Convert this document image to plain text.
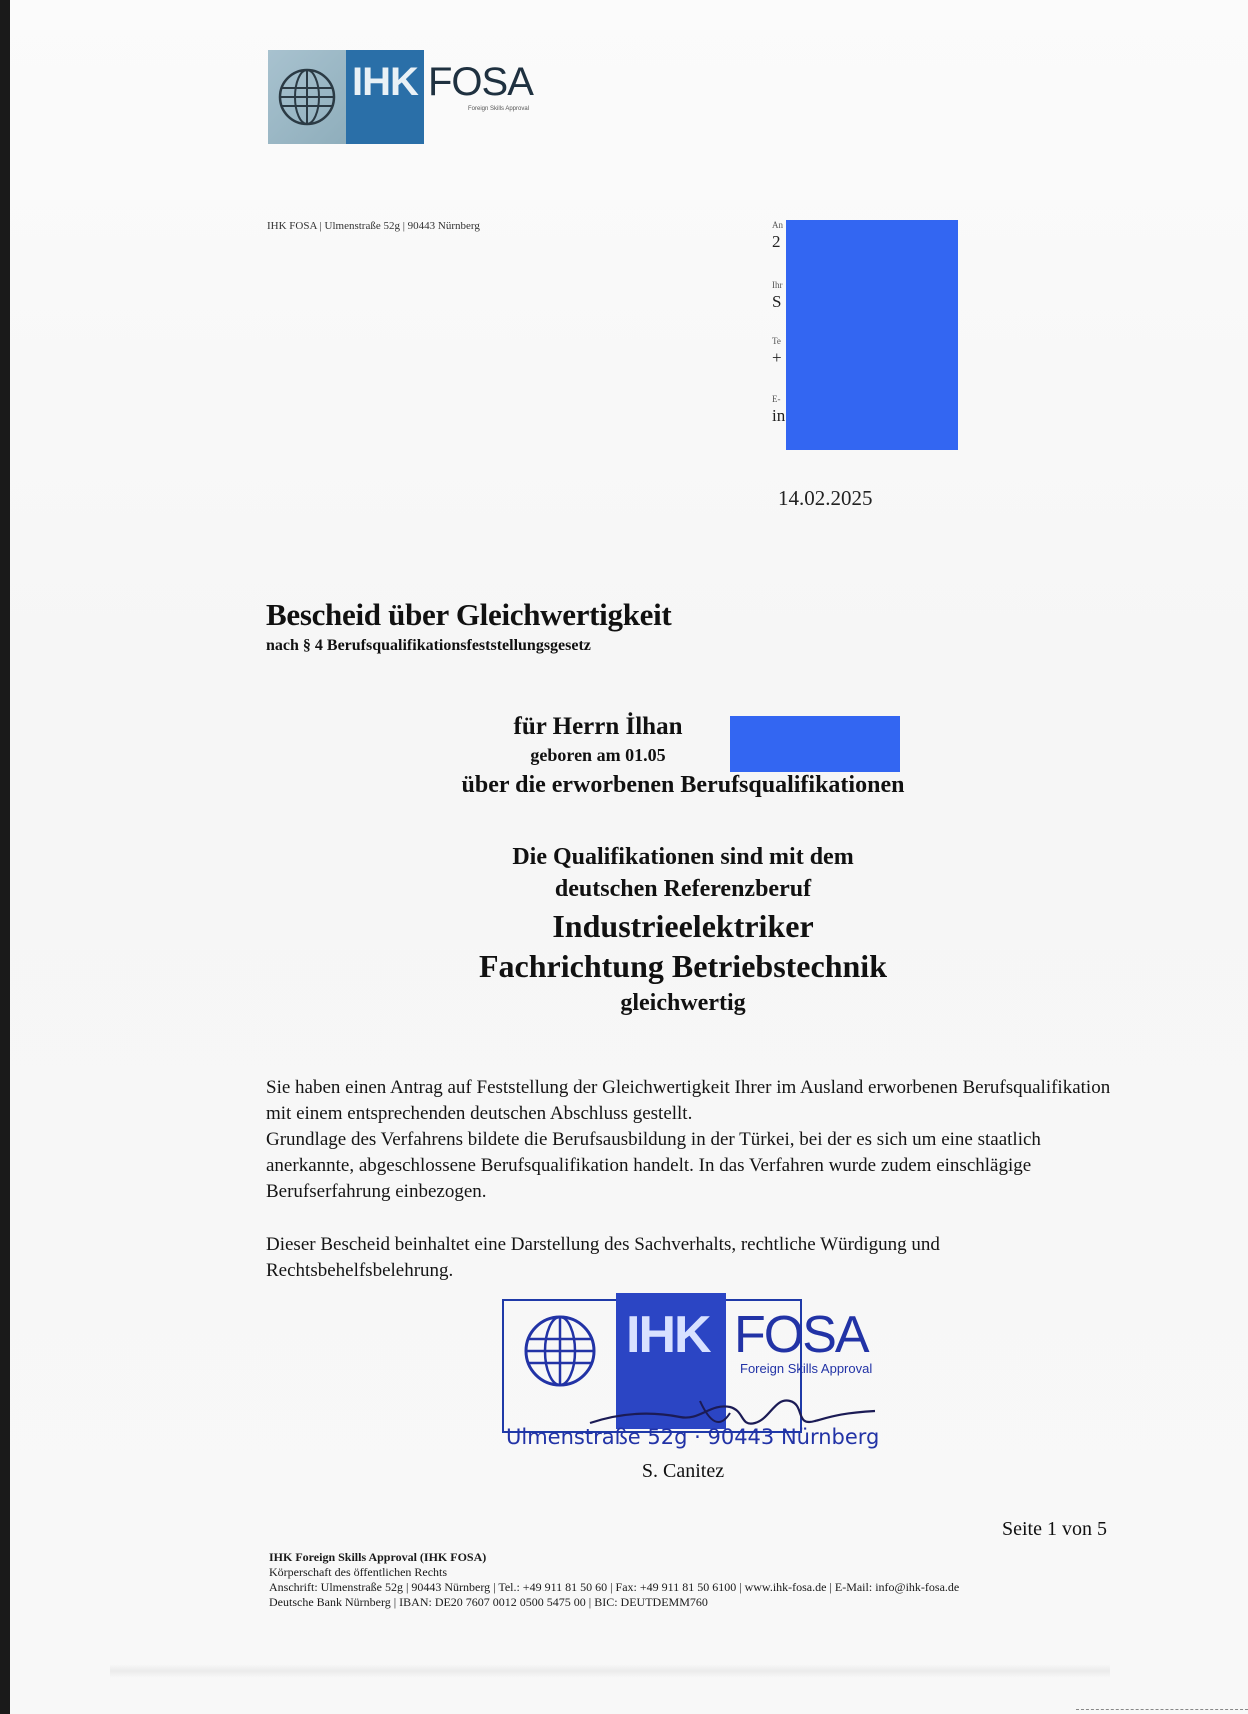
IHK FOSA
Foreign Skills Approval
IHK FOSA | Ulmenstraße 52g | 90443 Nürnberg	An
2
Ihr
S
Te
+
E-
in
14.02.2025
Bescheid über Gleichwertigkeit
nach § 4 Berufsqualifikationsfeststellungsgesetz
für Herrn İlhan
geboren am 01.05
über die erworbenen Berufsqualifikationen
Die Qualifikationen sind mit dem
deutschen Referenzberuf
Industrieelektriker
Fachrichtung Betriebstechnik
gleichwertig
Sie haben einen Antrag auf Feststellung der Gleichwertigkeit Ihrer im Ausland erworbenen Berufsqualifikation mit einem entsprechenden deutschen Abschluss gestellt.
Grundlage des Verfahrens bildete die Berufsausbildung in der Türkei, bei der es sich um eine staatlich anerkannte, abgeschlossene Berufsqualifikation handelt. In das Verfahren wurde zudem einschlägige Berufserfahrung einbezogen.
Dieser Bescheid beinhaltet eine Darstellung des Sachverhalts, rechtliche Würdigung und Rechtsbehelfsbelehrung.
IHK FOSA
Foreign Skills Approval
Ulmenstraße 52g · 90443 Nürnberg
S. Canitez
Seite 1 von 5
IHK Foreign Skills Approval (IHK FOSA)
Körperschaft des öffentlichen Rechts
Anschrift: Ulmenstraße 52g | 90443 Nürnberg | Tel.: +49 911 81 50 60 | Fax: +49 911 81 50 6100 | www.ihk-fosa.de | E-Mail: info@ihk-fosa.de
Deutsche Bank Nürnberg | IBAN: DE20 7607 0012 0500 5475 00 | BIC: DEUTDEMM760
